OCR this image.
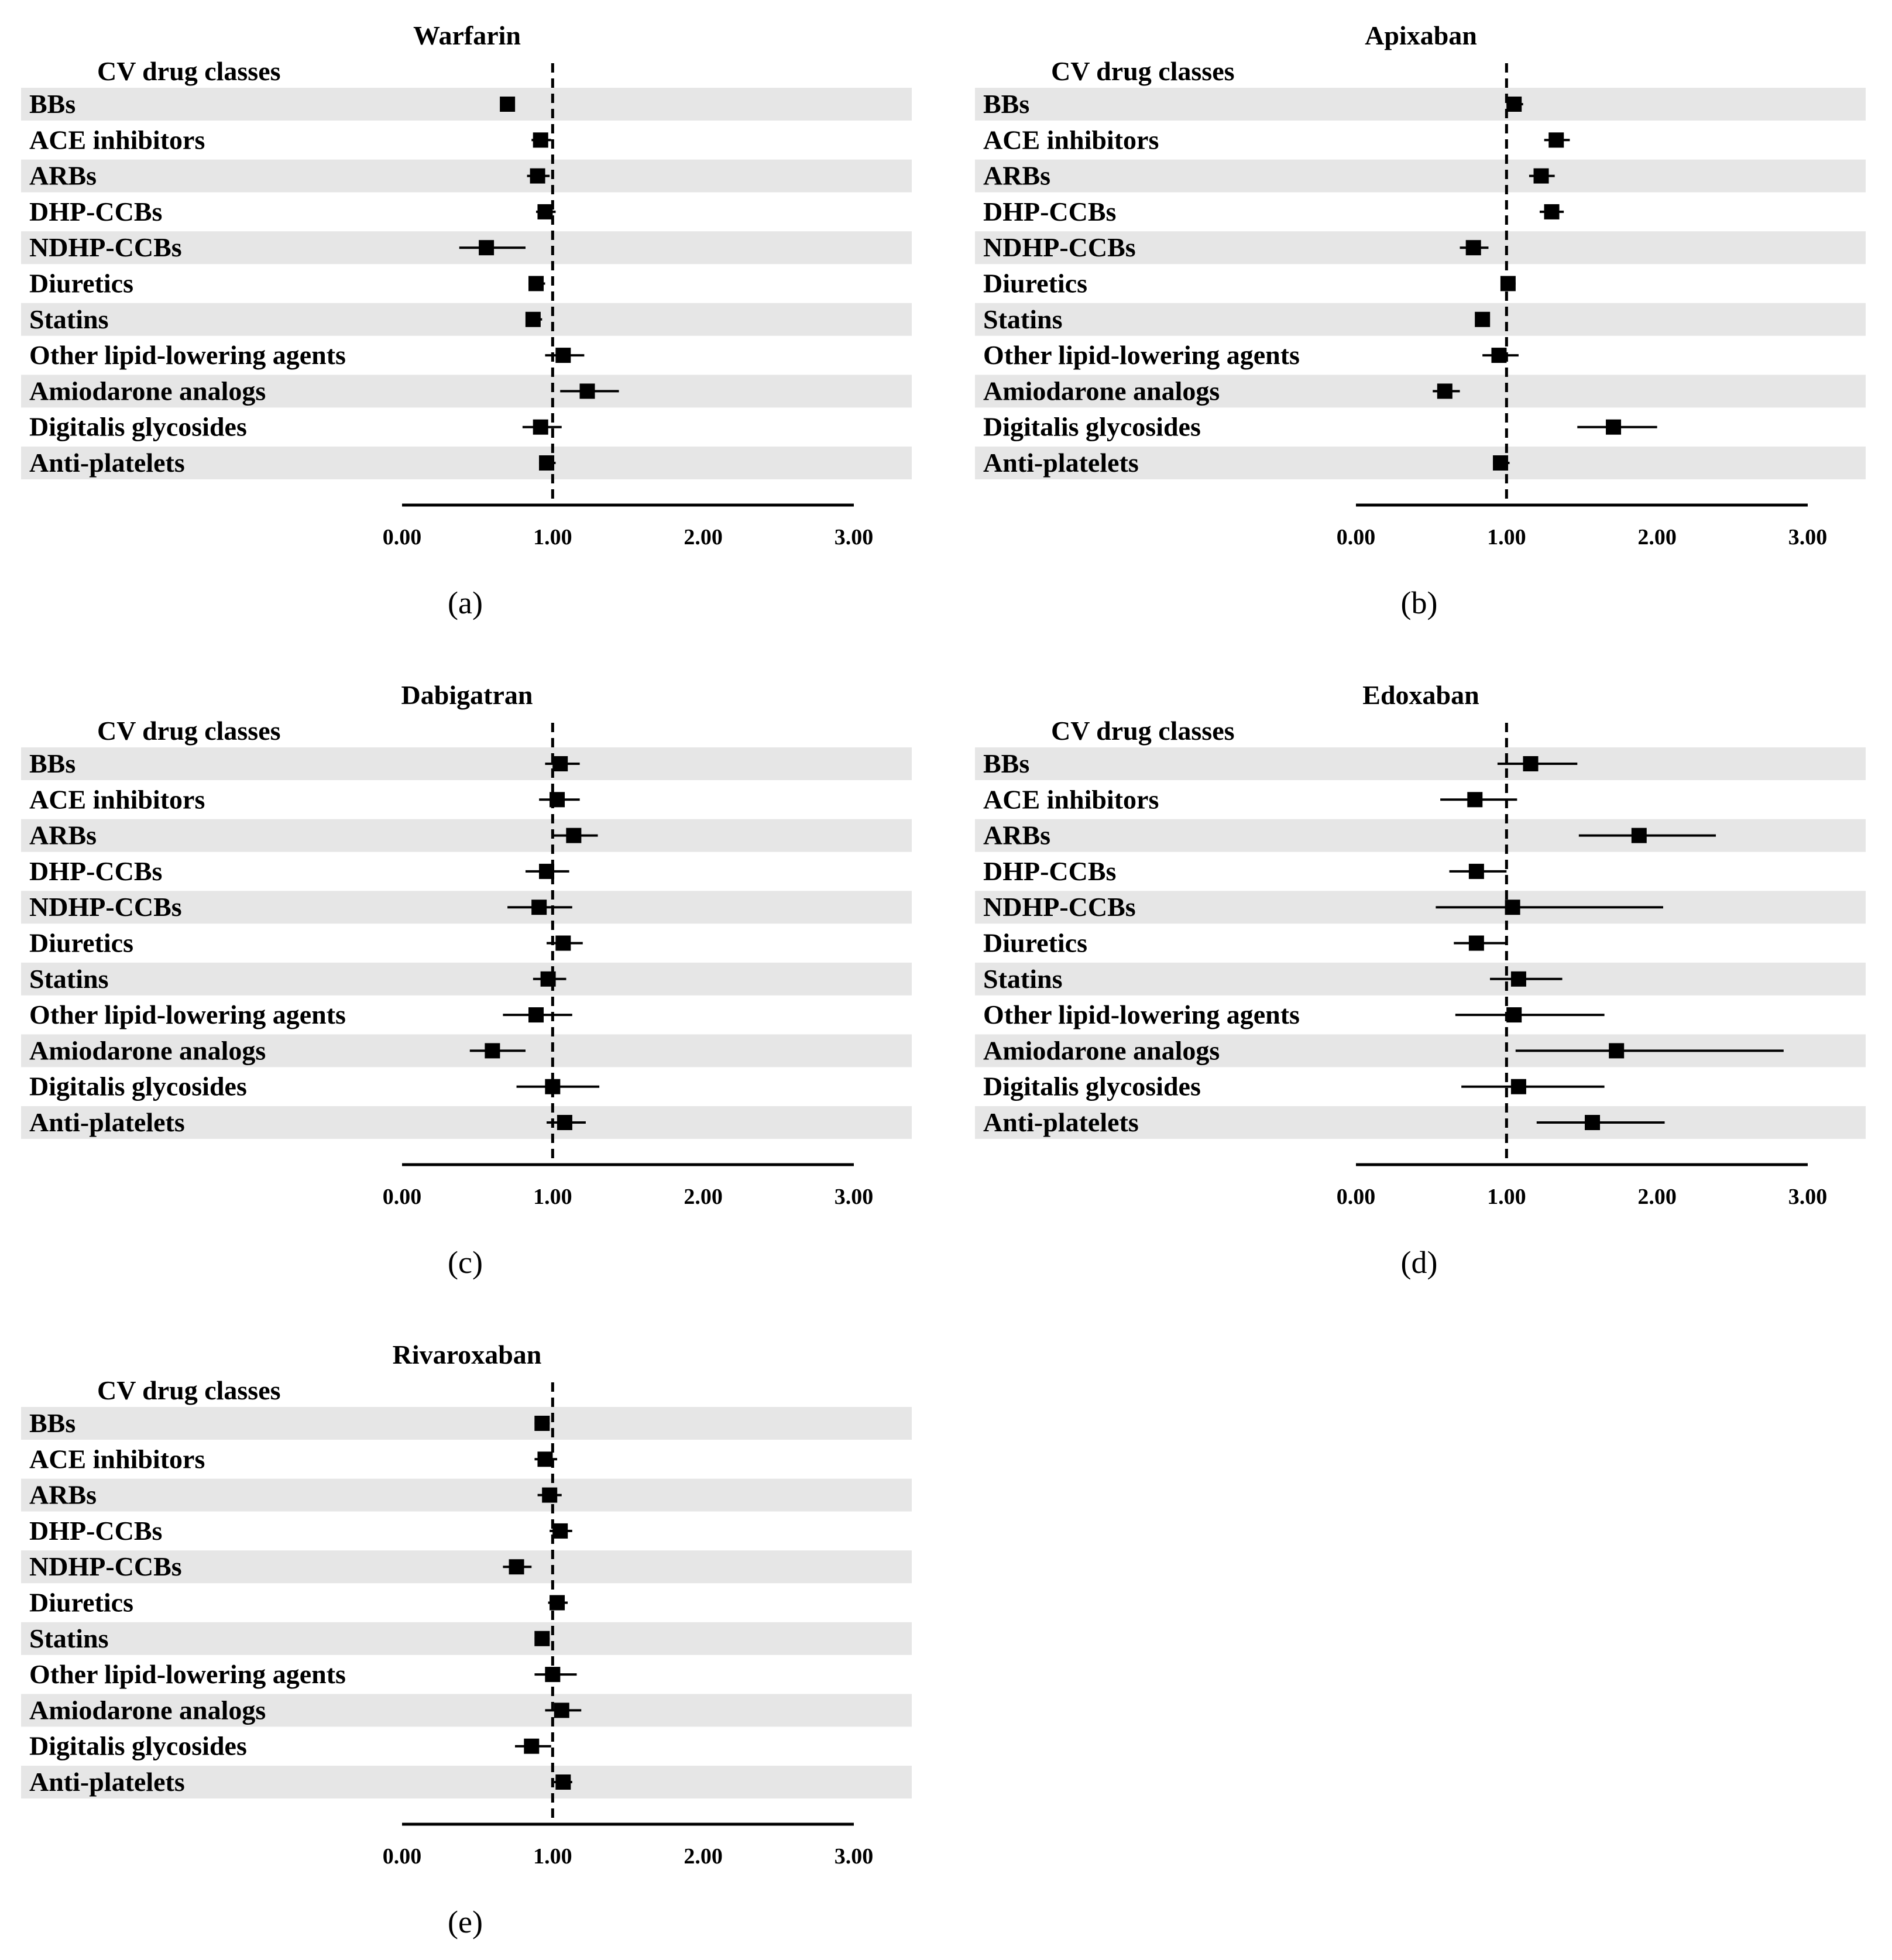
Warfarin
CV drug classes
BBs
ACE inhibitors
ARBs
DHP-CCBs
NDHP-CCBs
Diuretics
Statins
Other lipid-lowering agents
Amiodarone analogs
Digitalis glycosides
Anti-platelets
0.00	1.00	2.00	3.00
(a)
Apixaban
CV drug classes
BBs
ACE inhibitors
ARBs
DHP-CCBs
NDHP-CCBs
Diuretics
Statins
Other lipid-lowering agents
Amiodarone analogs
Digitalis glycosides
Anti-platelets
0.00	1.00	2.00	3.00
(b)
Dabigatran
CV drug classes
BBs
ACE inhibitors
ARBs
DHP-CCBs
NDHP-CCBs
Diuretics
Statins
Other lipid-lowering agents
Amiodarone analogs
Digitalis glycosides
Anti-platelets
0.00	1.00	2.00	3.00
(c)
Edoxaban
CV drug classes
BBs
ACE inhibitors
ARBs
DHP-CCBs
NDHP-CCBs
Diuretics
Statins
Other lipid-lowering agents
Amiodarone analogs
Digitalis glycosides
Anti-platelets
0.00	1.00	2.00	3.00
(d)
Rivaroxaban
CV drug classes
BBs
ACE inhibitors
ARBs
DHP-CCBs
NDHP-CCBs
Diuretics
Statins
Other lipid-lowering agents
Amiodarone analogs
Digitalis glycosides
Anti-platelets
0.00	1.00	2.00	3.00
(e)
